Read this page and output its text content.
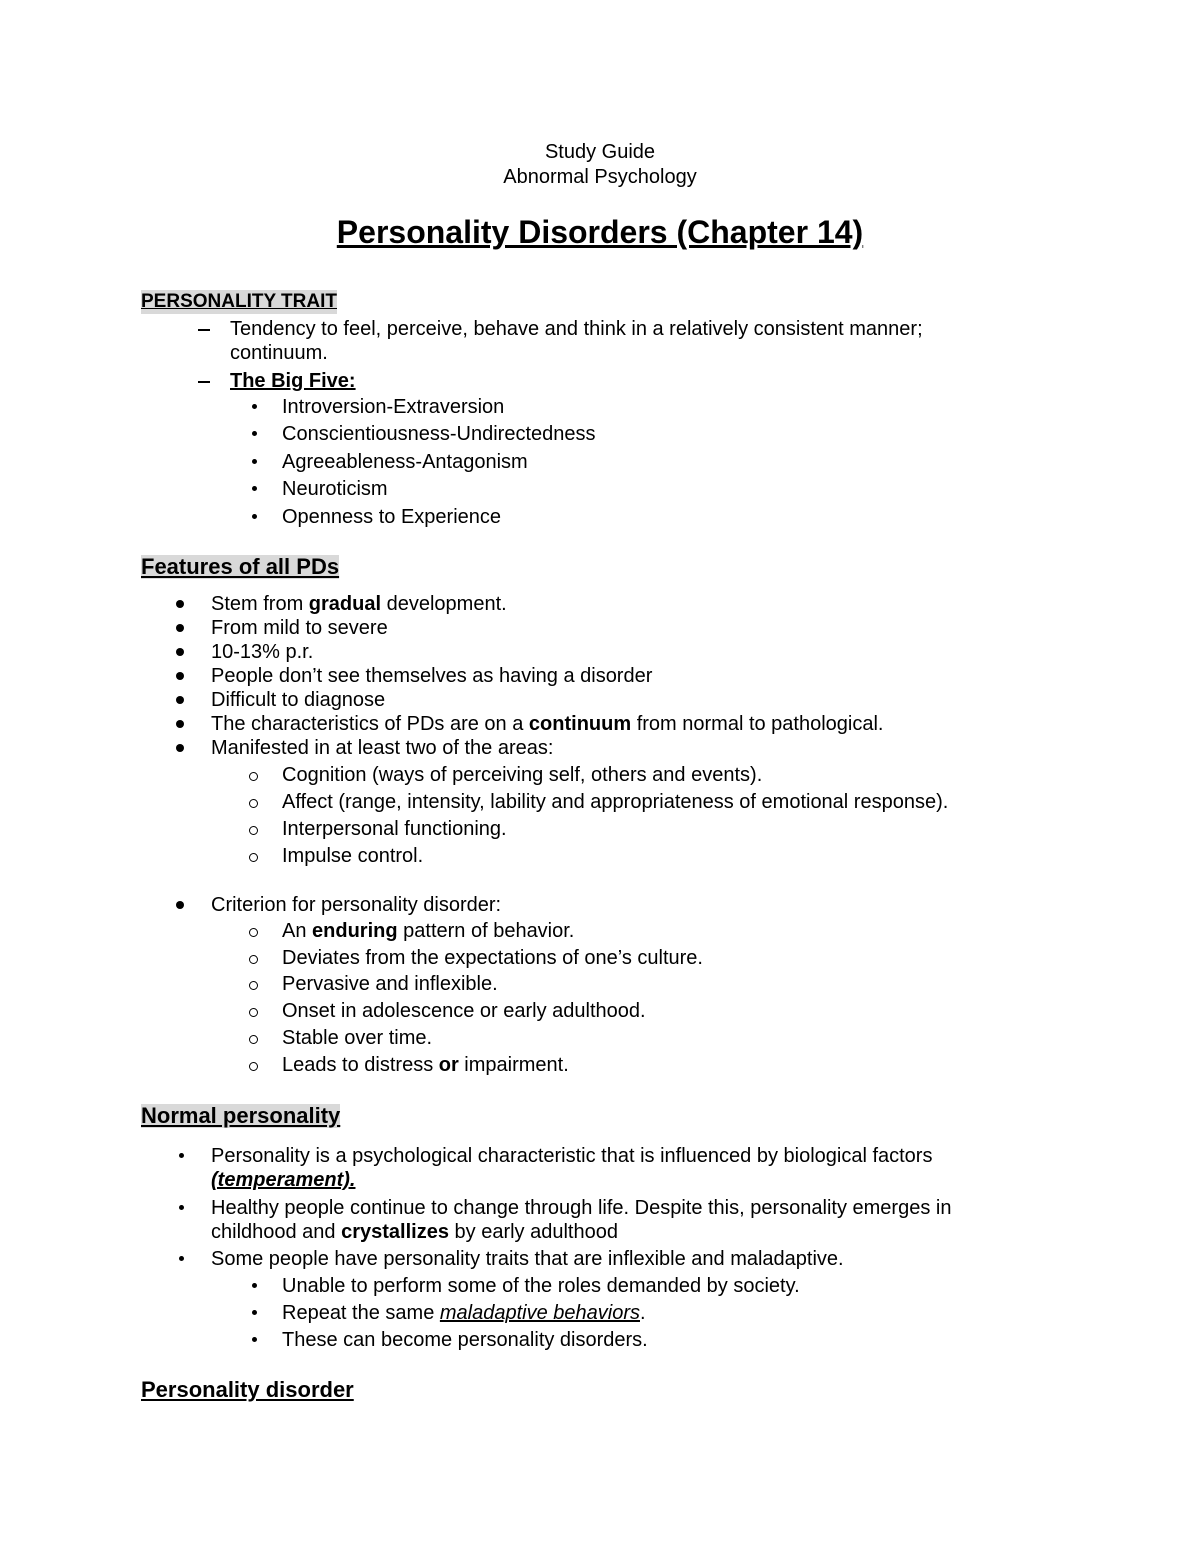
Study Guide
Abnormal Psychology
Personality Disorders (Chapter 14)
PERSONALITY TRAIT
Tendency to feel, perceive, behave and think in a relatively consistent manner;
continuum.
The Big Five:
Introversion-Extraversion
Conscientiousness-Undirectedness
Agreeableness-Antagonism
Neuroticism
Openness to Experience
Features of all PDs
Stem from gradual development.
From mild to severe
10-13% p.r.
People don’t see themselves as having a disorder
Difficult to diagnose
The characteristics of PDs are on a continuum from normal to pathological.
Manifested in at least two of the areas:
Cognition (ways of perceiving self, others and events).
Affect (range, intensity, lability and appropriateness of emotional response).
Interpersonal functioning.
Impulse control.
Criterion for personality disorder:
An enduring pattern of behavior.
Deviates from the expectations of one’s culture.
Pervasive and inflexible.
Onset in adolescence or early adulthood.
Stable over time.
Leads to distress or impairment.
Normal personality
Personality is a psychological characteristic that is influenced by biological factors
(temperament).
Healthy people continue to change through life. Despite this, personality emerges in
childhood and crystallizes by early adulthood
Some people have personality traits that are inflexible and maladaptive.
Unable to perform some of the roles demanded by society.
Repeat the same maladaptive behaviors.
These can become personality disorders.
Personality disorder
